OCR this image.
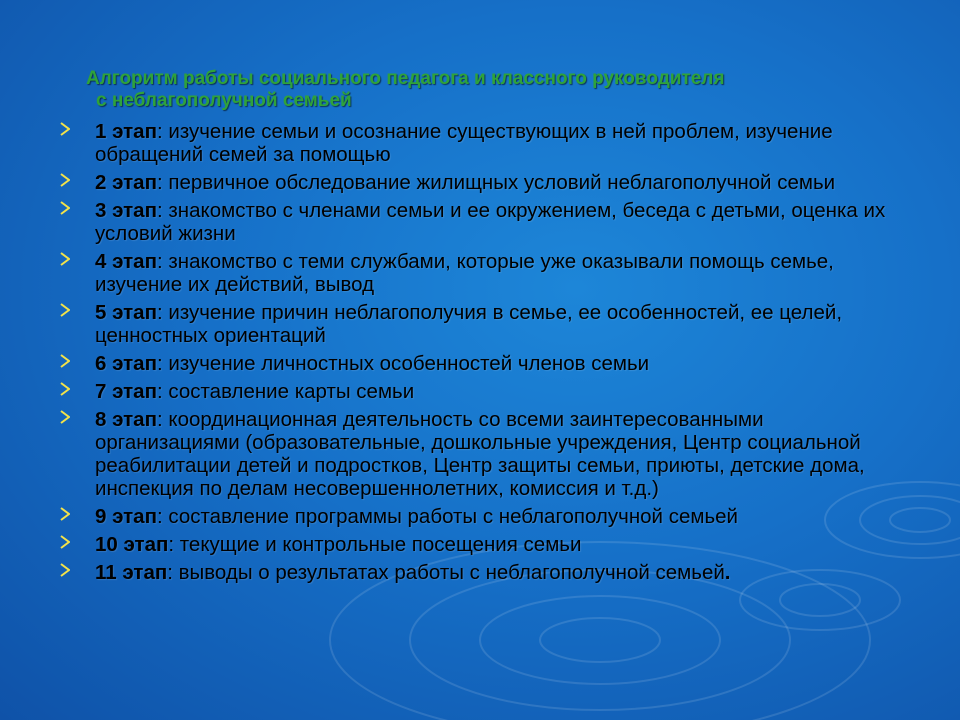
Алгоритм работы социального педагога и классного руководителя
с неблагополучной семьей
1 этап: изучение семьи и осознание существующих в ней проблем, изучение обращений семей за помощью
2 этап: первичное обследование жилищных условий неблагополучной семьи
3 этап: знакомство с членами семьи и ее окружением, беседа с детьми, оценка их условий жизни
4 этап: знакомство с теми службами, которые уже оказывали помощь семье, изучение их действий, вывод
5 этап: изучение причин неблагополучия в семье, ее особенностей, ее целей, ценностных ориентаций
6 этап: изучение личностных особенностей членов семьи
7 этап: составление карты семьи
8 этап: координационная деятельность со всеми заинтересованными организациями (образовательные, дошкольные учреждения, Центр социальной реабилитации детей и подростков, Центр защиты семьи, приюты, детские дома, инспекция по делам несовершеннолетних, комиссия и т.д.)
9 этап: составление программы работы с неблагополучной семьей
10 этап: текущие и контрольные посещения семьи
11 этап: выводы о результатах работы с неблагополучной семьей.
